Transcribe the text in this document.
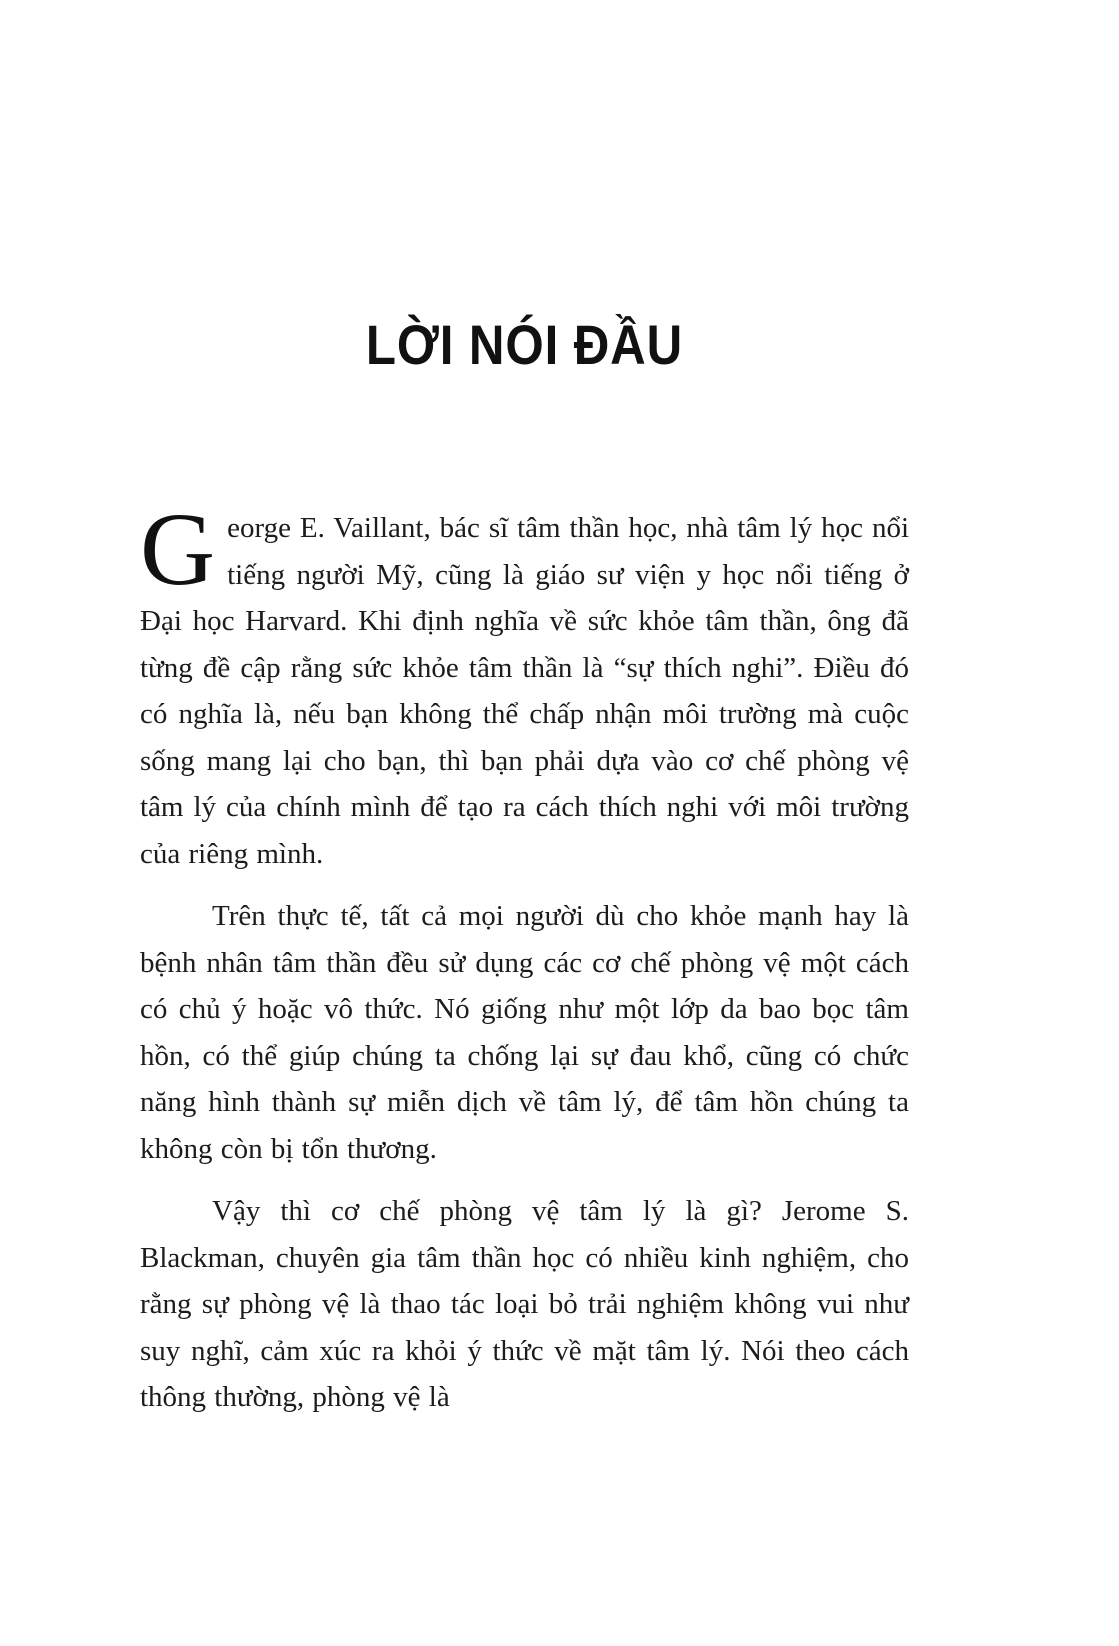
LỜI NÓI ĐẦU

George E. Vaillant, bác sĩ tâm thần học, nhà tâm lý học nổi tiếng người Mỹ, cũng là giáo sư viện y học nổi tiếng ở Đại học Harvard. Khi định nghĩa về sức khỏe tâm thần, ông đã từng đề cập rằng sức khỏe tâm thần là “sự thích nghi”. Điều đó có nghĩa là, nếu bạn không thể chấp nhận môi trường mà cuộc sống mang lại cho bạn, thì bạn phải dựa vào cơ chế phòng vệ tâm lý của chính mình để tạo ra cách thích nghi với môi trường của riêng mình.

Trên thực tế, tất cả mọi người dù cho khỏe mạnh hay là bệnh nhân tâm thần đều sử dụng các cơ chế phòng vệ một cách có chủ ý hoặc vô thức. Nó giống như một lớp da bao bọc tâm hồn, có thể giúp chúng ta chống lại sự đau khổ, cũng có chức năng hình thành sự miễn dịch về tâm lý, để tâm hồn chúng ta không còn bị tổn thương.

Vậy thì cơ chế phòng vệ tâm lý là gì? Jerome S. Blackman, chuyên gia tâm thần học có nhiều kinh nghiệm, cho rằng sự phòng vệ là thao tác loại bỏ trải nghiệm không vui như suy nghĩ, cảm xúc ra khỏi ý thức về mặt tâm lý. Nói theo cách thông thường, phòng vệ là
